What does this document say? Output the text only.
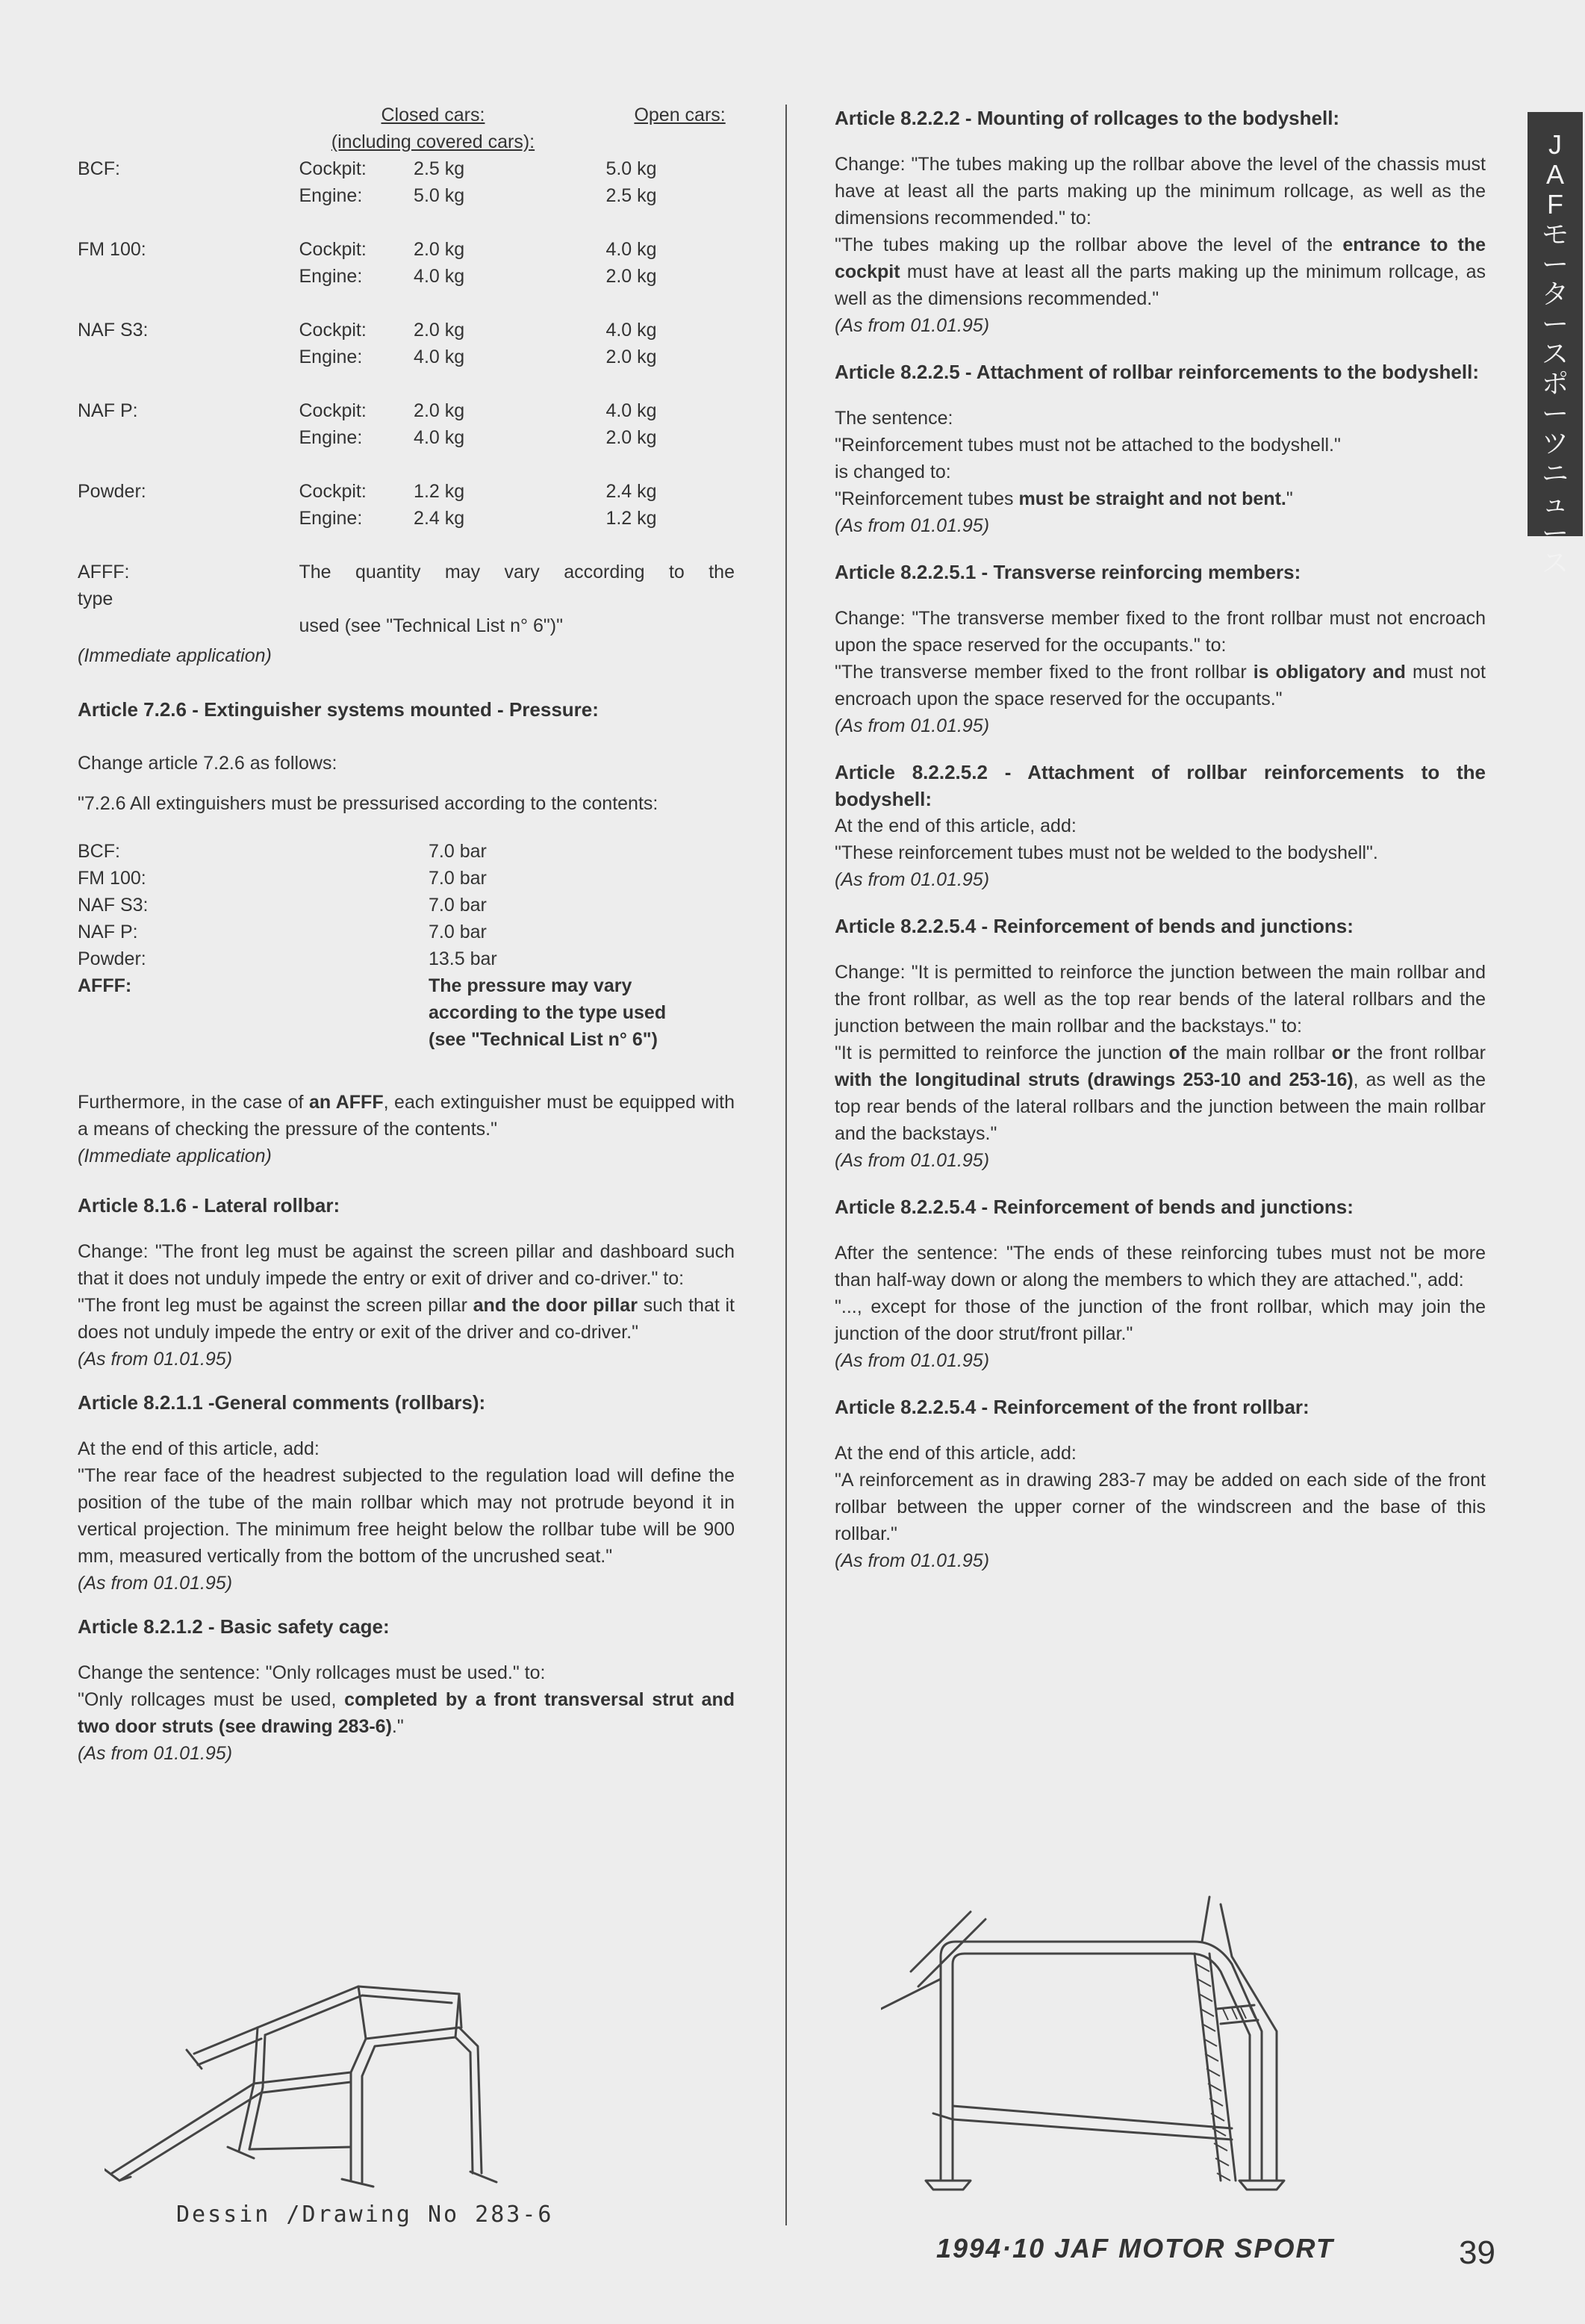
	Closed cars:		Open cars:
	(including covered cars):		
BCF:	Cockpit:	2.5 kg	5.0 kg
	Engine:	5.0 kg	2.5 kg

FM 100:	Cockpit:	2.0 kg	4.0 kg
	Engine:	4.0 kg	2.0 kg

NAF S3:	Cockpit:	2.0 kg	4.0 kg
	Engine:	4.0 kg	2.0 kg

NAF P:	Cockpit:	2.0 kg	4.0 kg
	Engine:	4.0 kg	2.0 kg

Powder:	Cockpit:	1.2 kg	2.4 kg
	Engine:	2.4 kg	1.2 kg

AFFF:	The quantity may vary according to the		
type			
	used (see "Technical List n° 6")"		

(Immediate application)

Article 7.2.6 - Extinguisher systems mounted - Pressure:

Change article 7.2.6 as follows:

"7.2.6 All extinguishers must be pressurised according to the contents:

BCF:	7.0 bar
FM 100:	7.0 bar
NAF S3:	7.0 bar
NAF P:	7.0 bar
Powder:	13.5 bar
AFFF:	The pressure may vary
	according to the type used
	(see "Technical List n° 6")

Furthermore, in the case of an AFFF, each extinguisher must be equipped with a means of checking the pressure of the contents."

(Immediate application)

Article 8.1.6 - Lateral rollbar:

Change: "The front leg must be against the screen pillar and dashboard such that it does not unduly impede the entry or exit of driver and co-driver." to:

"The front leg must be against the screen pillar and the door pillar such that it does not unduly impede the entry or exit of the driver and co-driver."

(As from 01.01.95)

Article 8.2.1.1 -General comments (rollbars):

At the end of this article, add:

"The rear face of the headrest subjected to the regulation load will define the position of the tube of the main rollbar which may not protrude beyond it in vertical projection. The minimum free height below the rollbar tube will be 900 mm, measured vertically from the bottom of the uncrushed seat."

(As from 01.01.95)

Article 8.2.1.2 - Basic safety cage:

Change the sentence: "Only rollcages must be used." to:

"Only rollcages must be used, completed by a front transversal strut and two door struts (see drawing 283-6)."

(As from 01.01.95)

Dessin /Drawing No 283-6

Article 8.2.2.2 - Mounting of rollcages to the bodyshell:

Change: "The tubes making up the rollbar above the level of the chassis must have at least all the parts making up the minimum rollcage, as well as the dimensions recommended." to:

"The tubes making up the rollbar above the level of the entrance to the cockpit must have at least all the parts making up the minimum rollcage, as well as the dimensions recommended."

(As from 01.01.95)

Article 8.2.2.5 - Attachment of rollbar reinforcements to the bodyshell:

The sentence:

"Reinforcement tubes must not be attached to the bodyshell."

is changed to:

"Reinforcement tubes must be straight and not bent."

(As from 01.01.95)

Article 8.2.2.5.1 - Transverse reinforcing members:

Change: "The transverse member fixed to the front rollbar must not encroach upon the space reserved for the occupants." to:

"The transverse member fixed to the front rollbar is obligatory and must not encroach upon the space reserved for the occupants."

(As from 01.01.95)

Article 8.2.2.5.2 - Attachment of rollbar reinforcements to the bodyshell:

At the end of this article, add:

"These reinforcement tubes must not be welded to the bodyshell".

(As from 01.01.95)

Article 8.2.2.5.4 - Reinforcement of bends and junctions:

Change: "It is permitted to reinforce the junction between the main rollbar and the front rollbar, as well as the top rear bends of the lateral rollbars and the junction between the main rollbar and the backstays." to:

"It is permitted to reinforce the junction of the main rollbar or the front rollbar with the longitudinal struts (drawings 253-10 and 253-16), as well as the top rear bends of the lateral rollbars and the junction between the main rollbar and the backstays."

(As from 01.01.95)

Article 8.2.2.5.4 - Reinforcement of bends and junctions:

After the sentence: "The ends of these reinforcing tubes must not be more than half-way down or along the members to which they are attached.", add:

"..., except for those of the junction of the front rollbar, which may join the junction of the door strut/front pillar."

(As from 01.01.95)

Article 8.2.2.5.4 - Reinforcement of the front rollbar:

At the end of this article, add:

"A reinforcement as in drawing 283-7 may be added on each side of the front rollbar between the upper corner of the windscreen and the base of this rollbar."

(As from 01.01.95)

J
A
F
モ
ー
タ
ー
ス
ポ
ー
ツ
ニ
ュ
ー
ス
1994·10 JAF MOTOR SPORT	39
